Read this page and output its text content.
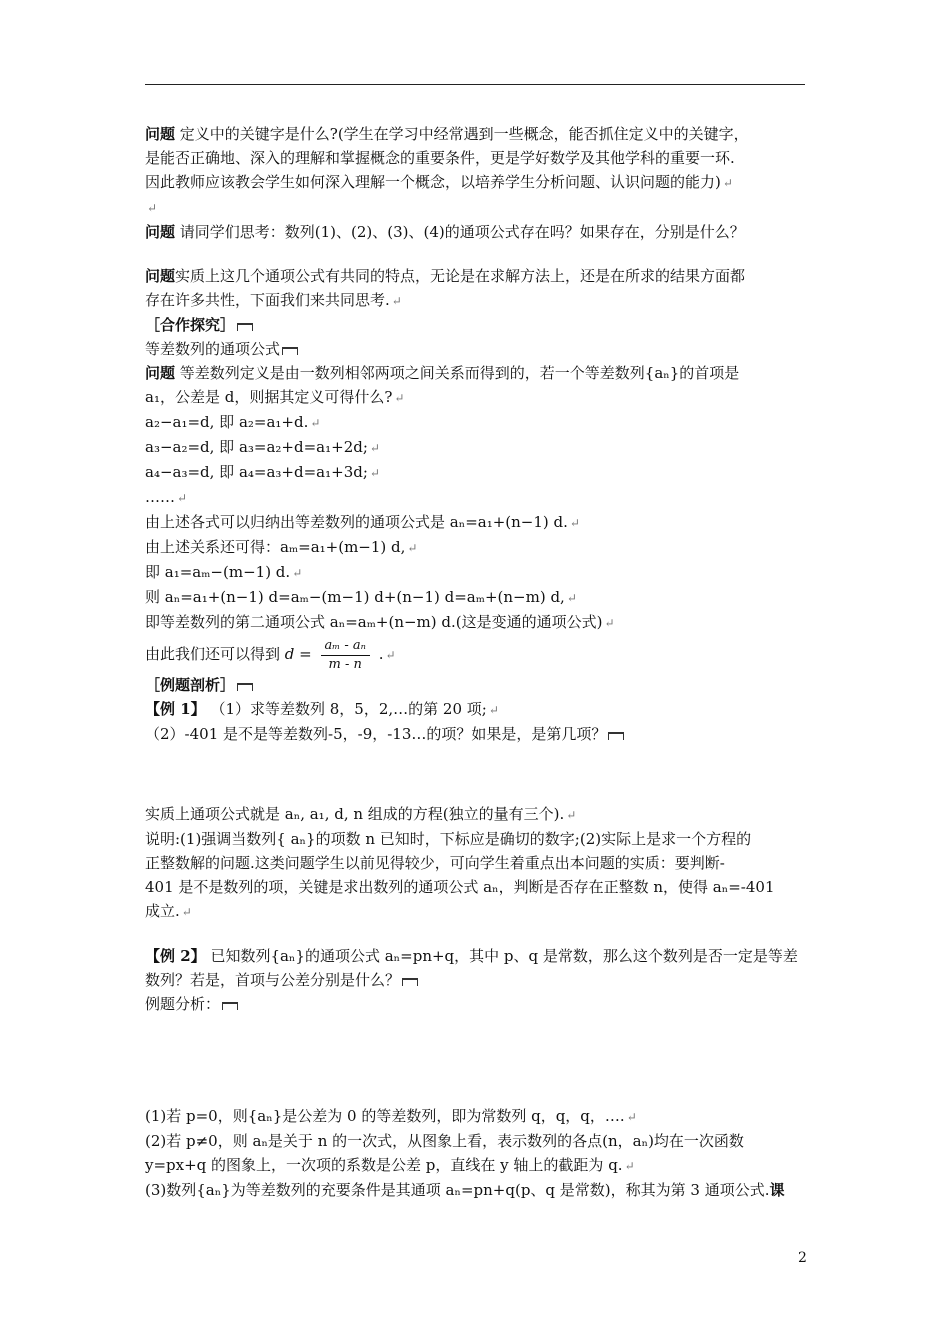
问题 定义中的关键字是什么?(学生在学习中经常遇到一些概念，能否抓住定义中的关键字，
是能否正确地、深入的理解和掌握概念的重要条件，更是学好数学及其他学科的重要一环.
因此教师应该教会学生如何深入理解一个概念，以培养学生分析问题、认识问题的能力) ↵
↵
问题 请同学们思考：数列(1)、(2)、(3)、(4)的通项公式存在吗？如果存在，分别是什么？
问题实质上这几个通项公式有共同的特点，无论是在求解方法上，还是在所求的结果方面都
存在许多共性，下面我们来共同思考. ↵
［合作探究］
等差数列的通项公式
问题 等差数列定义是由一数列相邻两项之间关系而得到的，若一个等差数列{aₙ}的首项是
a₁，公差是 d，则据其定义可得什么? ↵
a₂−a₁=d, 即 a₂=a₁+d. ↵
a₃−a₂=d, 即 a₃=a₂+d=a₁+2d; ↵
a₄−a₃=d, 即 a₄=a₃+d=a₁+3d; ↵
…… ↵
由上述各式可以归纳出等差数列的通项公式是 aₙ=a₁+(n−1) d. ↵
由上述关系还可得：aₘ=a₁+(m−1) d, ↵
即 a₁=aₘ−(m−1) d. ↵
则 aₙ=a₁+(n−1) d=aₘ−(m−1) d+(n−1) d=aₘ+(n−m) d, ↵
即等差数列的第二通项公式 aₙ=aₘ+(n−m) d.(这是变通的通项公式) ↵
由此我们还可以得到 $d = \frac{\text{aₘ - aₙ}}{m - n}$ . ↵
［例题剖析］
【例 1】 （1）求等差数列 8，5，2,…的第 20 项; ↵
（2）-401 是不是等差数列-5，-9，-13…的项？如果是，是第几项？
实质上通项公式就是 aₙ, a₁, d, n 组成的方程(独立的量有三个). ↵
说明:(1)强调当数列{ aₙ}的项数 n 已知时，下标应是确切的数字;(2)实际上是求一个方程的
正整数解的问题.这类问题学生以前见得较少，可向学生着重点出本问题的实质：要判断-
401 是不是数列的项，关键是求出数列的通项公式 aₙ，判断是否存在正整数 n，使得 aₙ=-401
成立. ↵
【例 2】 已知数列{aₙ}的通项公式 aₙ=pn+q，其中 p、q 是常数，那么这个数列是否一定是等差
数列？若是，首项与公差分别是什么？
例题分析：
(1)若 p=0，则{aₙ}是公差为 0 的等差数列，即为常数列 q，q，q，…. ↵
(2)若 p≠0，则 aₙ是关于 n 的一次式，从图象上看，表示数列的各点(n，aₙ)均在一次函数
y=px+q 的图象上，一次项的系数是公差 p，直线在 y 轴上的截距为 q. ↵
(3)数列{aₙ}为等差数列的充要条件是其通项 aₙ=pn+q(p、q 是常数)，称其为第 3 通项公式.课
2
